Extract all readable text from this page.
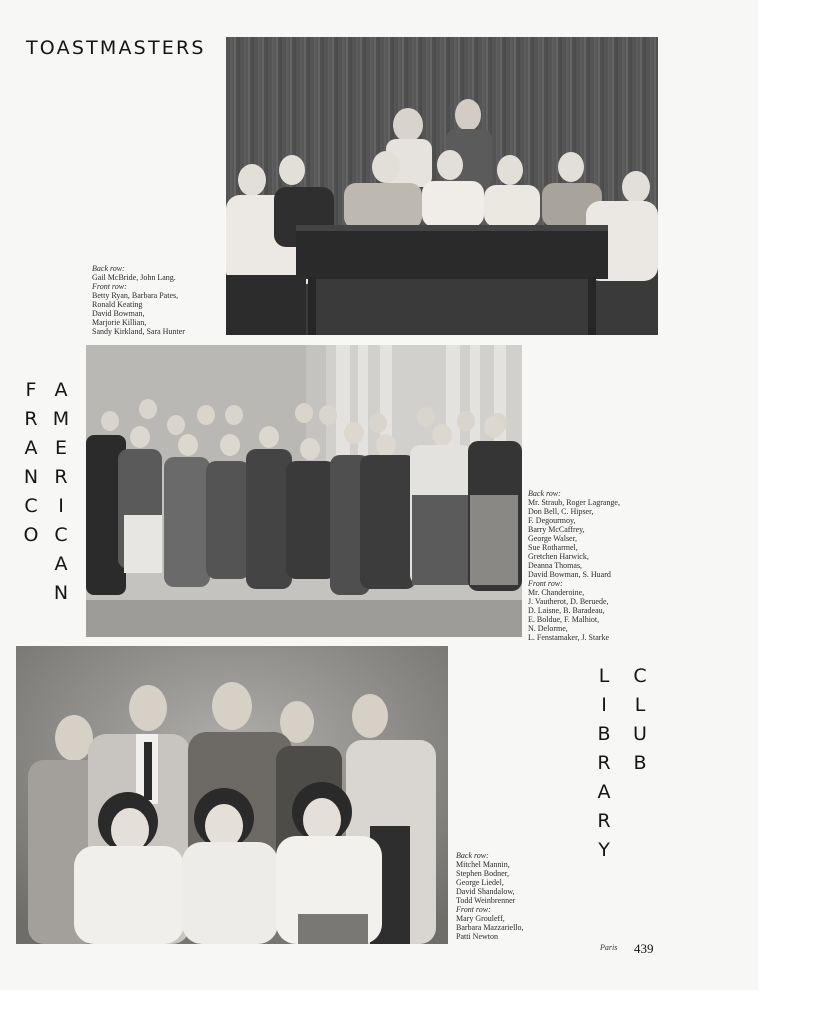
TOASTMASTERS
Back row:
Gail McBride, John Lang.
Front row:
Betty Ryan, Barbara Pates,
Ronald Keating
David Bowman,
Marjorie Killian,
Sandy Kirkland, Sara Hunter
F
R
A
N
C
O
A
M
E
R
I
C
A
N
Back row:
Mr. Straub, Roger Lagrange,
Don Bell, C. Hipser,
F. Degourmoy,
Barry McCaffrey,
George Walser,
Sue Rotharmel,
Gretchen Harwick,
Deanna Thomas,
David Bowman, S. Huard
Front row:
Mr. Chanderoine,
J. Vautherot, D. Beruede,
D. Laisne, B. Baradeau,
E. Boldue, F. Malhiot,
N. Delorme,
L. Fenstamaker, J. Starke
L
I
B
R
A
R
Y
C
L
U
B
Back row:
Mitchel Mannin,
Stephen Bodner,
George Liedel,
David Shandalow,
Todd Weinbrenner
Front row:
Mary Grouleff,
Barbara Mazzariello,
Patti Newton
Paris 439
